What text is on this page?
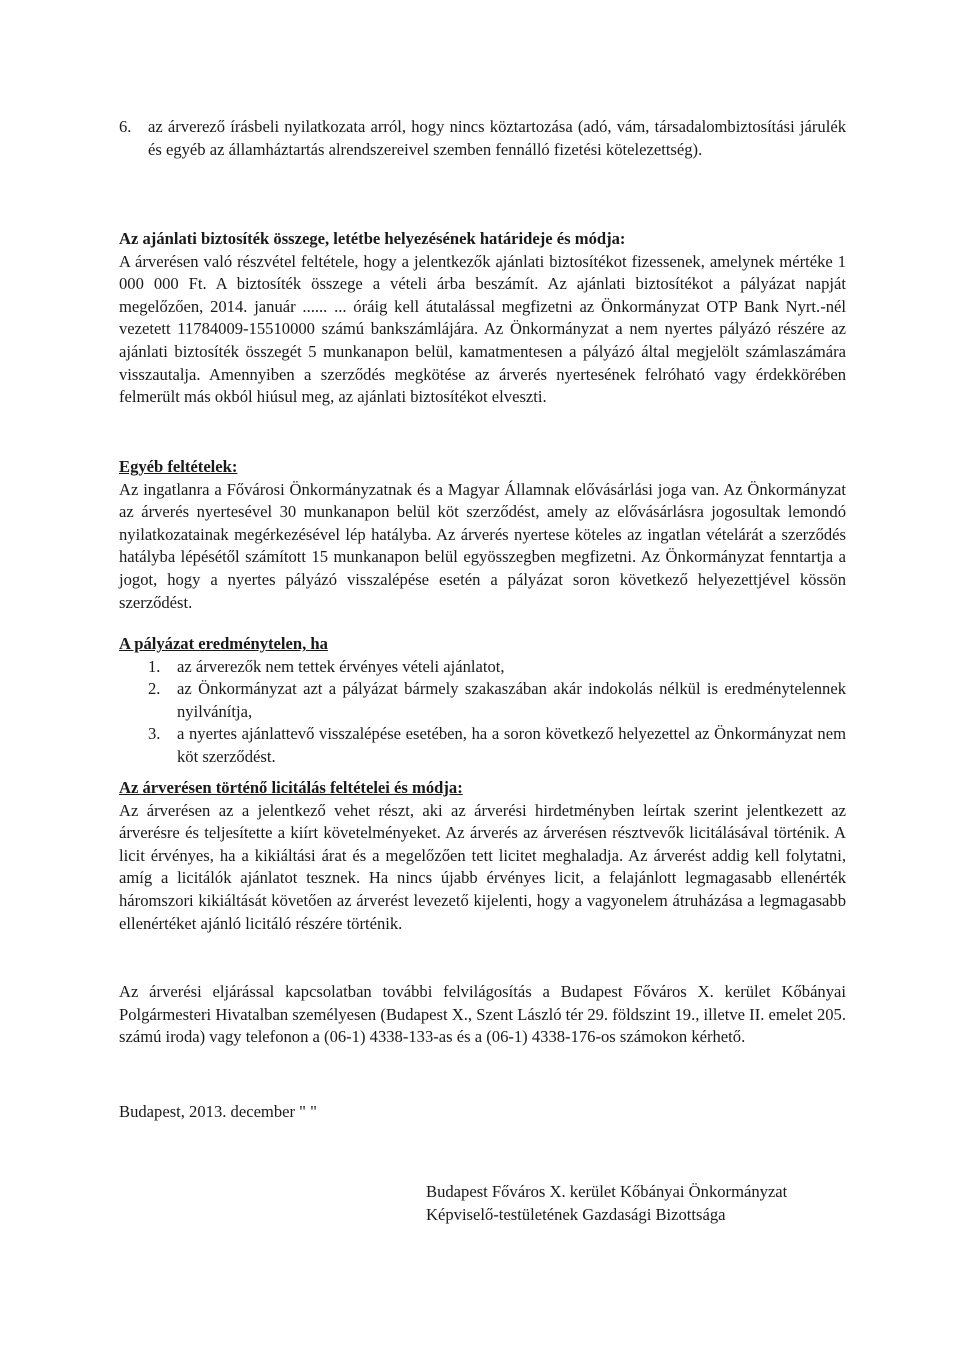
6. az árverező írásbeli nyilatkozata arról, hogy nincs köztartozása (adó, vám, társadalombiztosítási járulék és egyéb az államháztartás alrendszereivel szemben fennálló fizetési kötelezettség).

Az ajánlati biztosíték összege, letétbe helyezésének határideje és módja:

A árverésen való részvétel feltétele, hogy a jelentkezők ajánlati biztosítékot fizessenek, amelynek mértéke 1 000 000 Ft. A biztosíték összege a vételi árba beszámít. Az ajánlati biztosítékot a pályázat napját megelőzően, 2014. január ...... ... óráig kell átutalással megfizetni az Önkormányzat OTP Bank Nyrt.-nél vezetett 11784009-15510000 számú bankszámlájára. Az Önkormányzat a nem nyertes pályázó részére az ajánlati biztosíték összegét 5 munkanapon belül, kamatmentesen a pályázó által megjelölt számlaszámára visszautalja. Amennyiben a szerződés megkötése az árverés nyertesének felróható vagy érdekkörében felmerült más okból hiúsul meg, az ajánlati biztosítékot elveszti.

Egyéb feltételek:

Az ingatlanra a Fővárosi Önkormányzatnak és a Magyar Államnak elővásárlási joga van. Az Önkormányzat az árverés nyertesével 30 munkanapon belül köt szerződést, amely az elővásárlásra jogosultak lemondó nyilatkozatainak megérkezésével lép hatályba. Az árverés nyertese köteles az ingatlan vételárát a szerződés hatályba lépésétől számított 15 munkanapon belül egyösszegben megfizetni. Az Önkormányzat fenntartja a jogot, hogy a nyertes pályázó visszalépése esetén a pályázat soron következő helyezettjével kössön szerződést.

A pályázat eredménytelen, ha

1. az árverezők nem tettek érvényes vételi ajánlatot,
2. az Önkormányzat azt a pályázat bármely szakaszában akár indokolás nélkül is eredménytelennek nyilvánítja,
3. a nyertes ajánlattevő visszalépése esetében, ha a soron következő helyezettel az Önkormányzat nem köt szerződést.

Az árverésen történő licitálás feltételei és módja:

Az árverésen az a jelentkező vehet részt, aki az árverési hirdetményben leírtak szerint jelentkezett az árverésre és teljesítette a kiírt követelményeket. Az árverés az árverésen résztvevők licitálásával történik. A licit érvényes, ha a kikiáltási árat és a megelőzően tett licitet meghaladja. Az árverést addig kell folytatni, amíg a licitálók ajánlatot tesznek. Ha nincs újabb érvényes licit, a felajánlott legmagasabb ellenérték háromszori kikiáltását követően az árverést levezető kijelenti, hogy a vagyonelem átruházása a legmagasabb ellenértéket ajánló licitáló részére történik.

Az árverési eljárással kapcsolatban további felvilágosítás a Budapest Főváros X. kerület Kőbányai Polgármesteri Hivatalban személyesen (Budapest X., Szent László tér 29. földszint 19., illetve II. emelet 205. számú iroda) vagy telefonon a (06-1) 4338-133-as és a (06-1) 4338-176-os számokon kérhető.

Budapest, 2013. december " "

Budapest Főváros X. kerület Kőbányai Önkormányzat
Képviselő-testületének Gazdasági Bizottsága
